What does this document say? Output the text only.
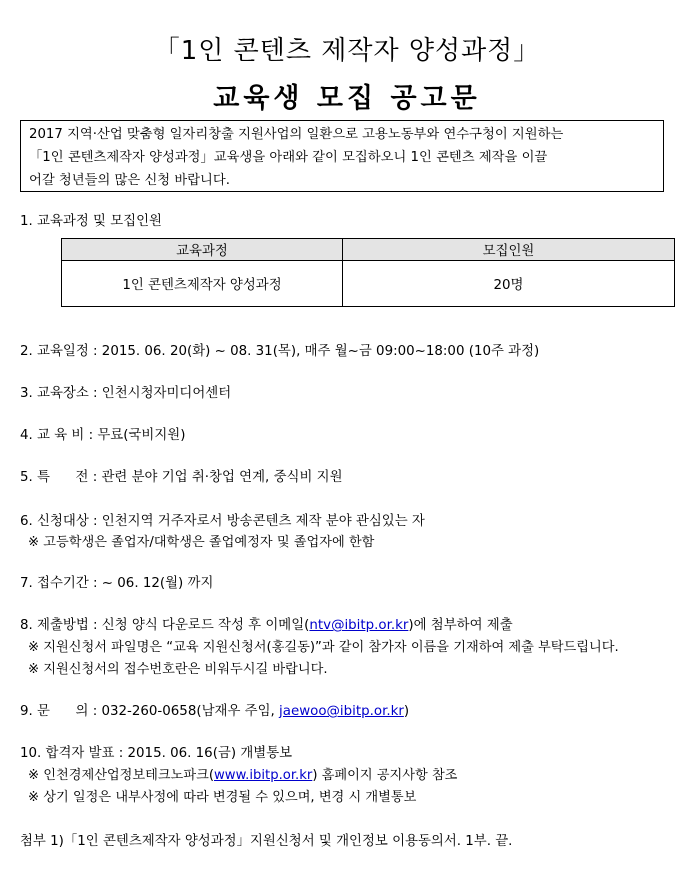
「1인 콘텐츠 제작자 양성과정」
교육생 모집 공고문
2017 지역·산업 맞춤형 일자리창출 지원사업의 일환으로 고용노동부와 연수구청이 지원하는
「1인 콘텐츠제작자 양성과정」교육생을 아래와 같이 모집하오니 1인 콘텐츠 제작을 이끌
어갈 청년들의 많은 신청 바랍니다.
1. 교육과정 및 모집인원
교육과정	모집인원
1인 콘텐츠제작자 양성과정	20명
2. 교육일정 : 2015. 06. 20(화) ~ 08. 31(목), 매주 월~금 09:00~18:00 (10주 과정)
3. 교육장소 : 인천시청자미디어센터
4. 교 육 비 : 무료(국비지원)
5. 특      전 : 관련 분야 기업 취·창업 연계, 중식비 지원
6. 신청대상 : 인천지역 거주자로서 방송콘텐츠 제작 분야 관심있는 자
※ 고등학생은 졸업자/대학생은 졸업예정자 및 졸업자에 한함
7. 접수기간 : ~ 06. 12(월) 까지
8. 제출방법 : 신청 양식 다운로드 작성 후 이메일(ntv@ibitp.or.kr)에 첨부하여 제출
※ 지원신청서 파일명은 “교육 지원신청서(홍길동)”과 같이 참가자 이름을 기재하여 제출 부탁드립니다.
※ 지원신청서의 접수번호란은 비워두시길 바랍니다.
9. 문      의 : 032-260-0658(남재우 주임, jaewoo@ibitp.or.kr)
10. 합격자 발표 : 2015. 06. 16(금) 개별통보
※ 인천경제산업정보테크노파크(www.ibitp.or.kr) 홈페이지 공지사항 참조
※ 상기 일정은 내부사정에 따라 변경될 수 있으며, 변경 시 개별통보
첨부 1)「1인 콘텐츠제작자 양성과정」지원신청서 및 개인정보 이용동의서. 1부. 끝.
